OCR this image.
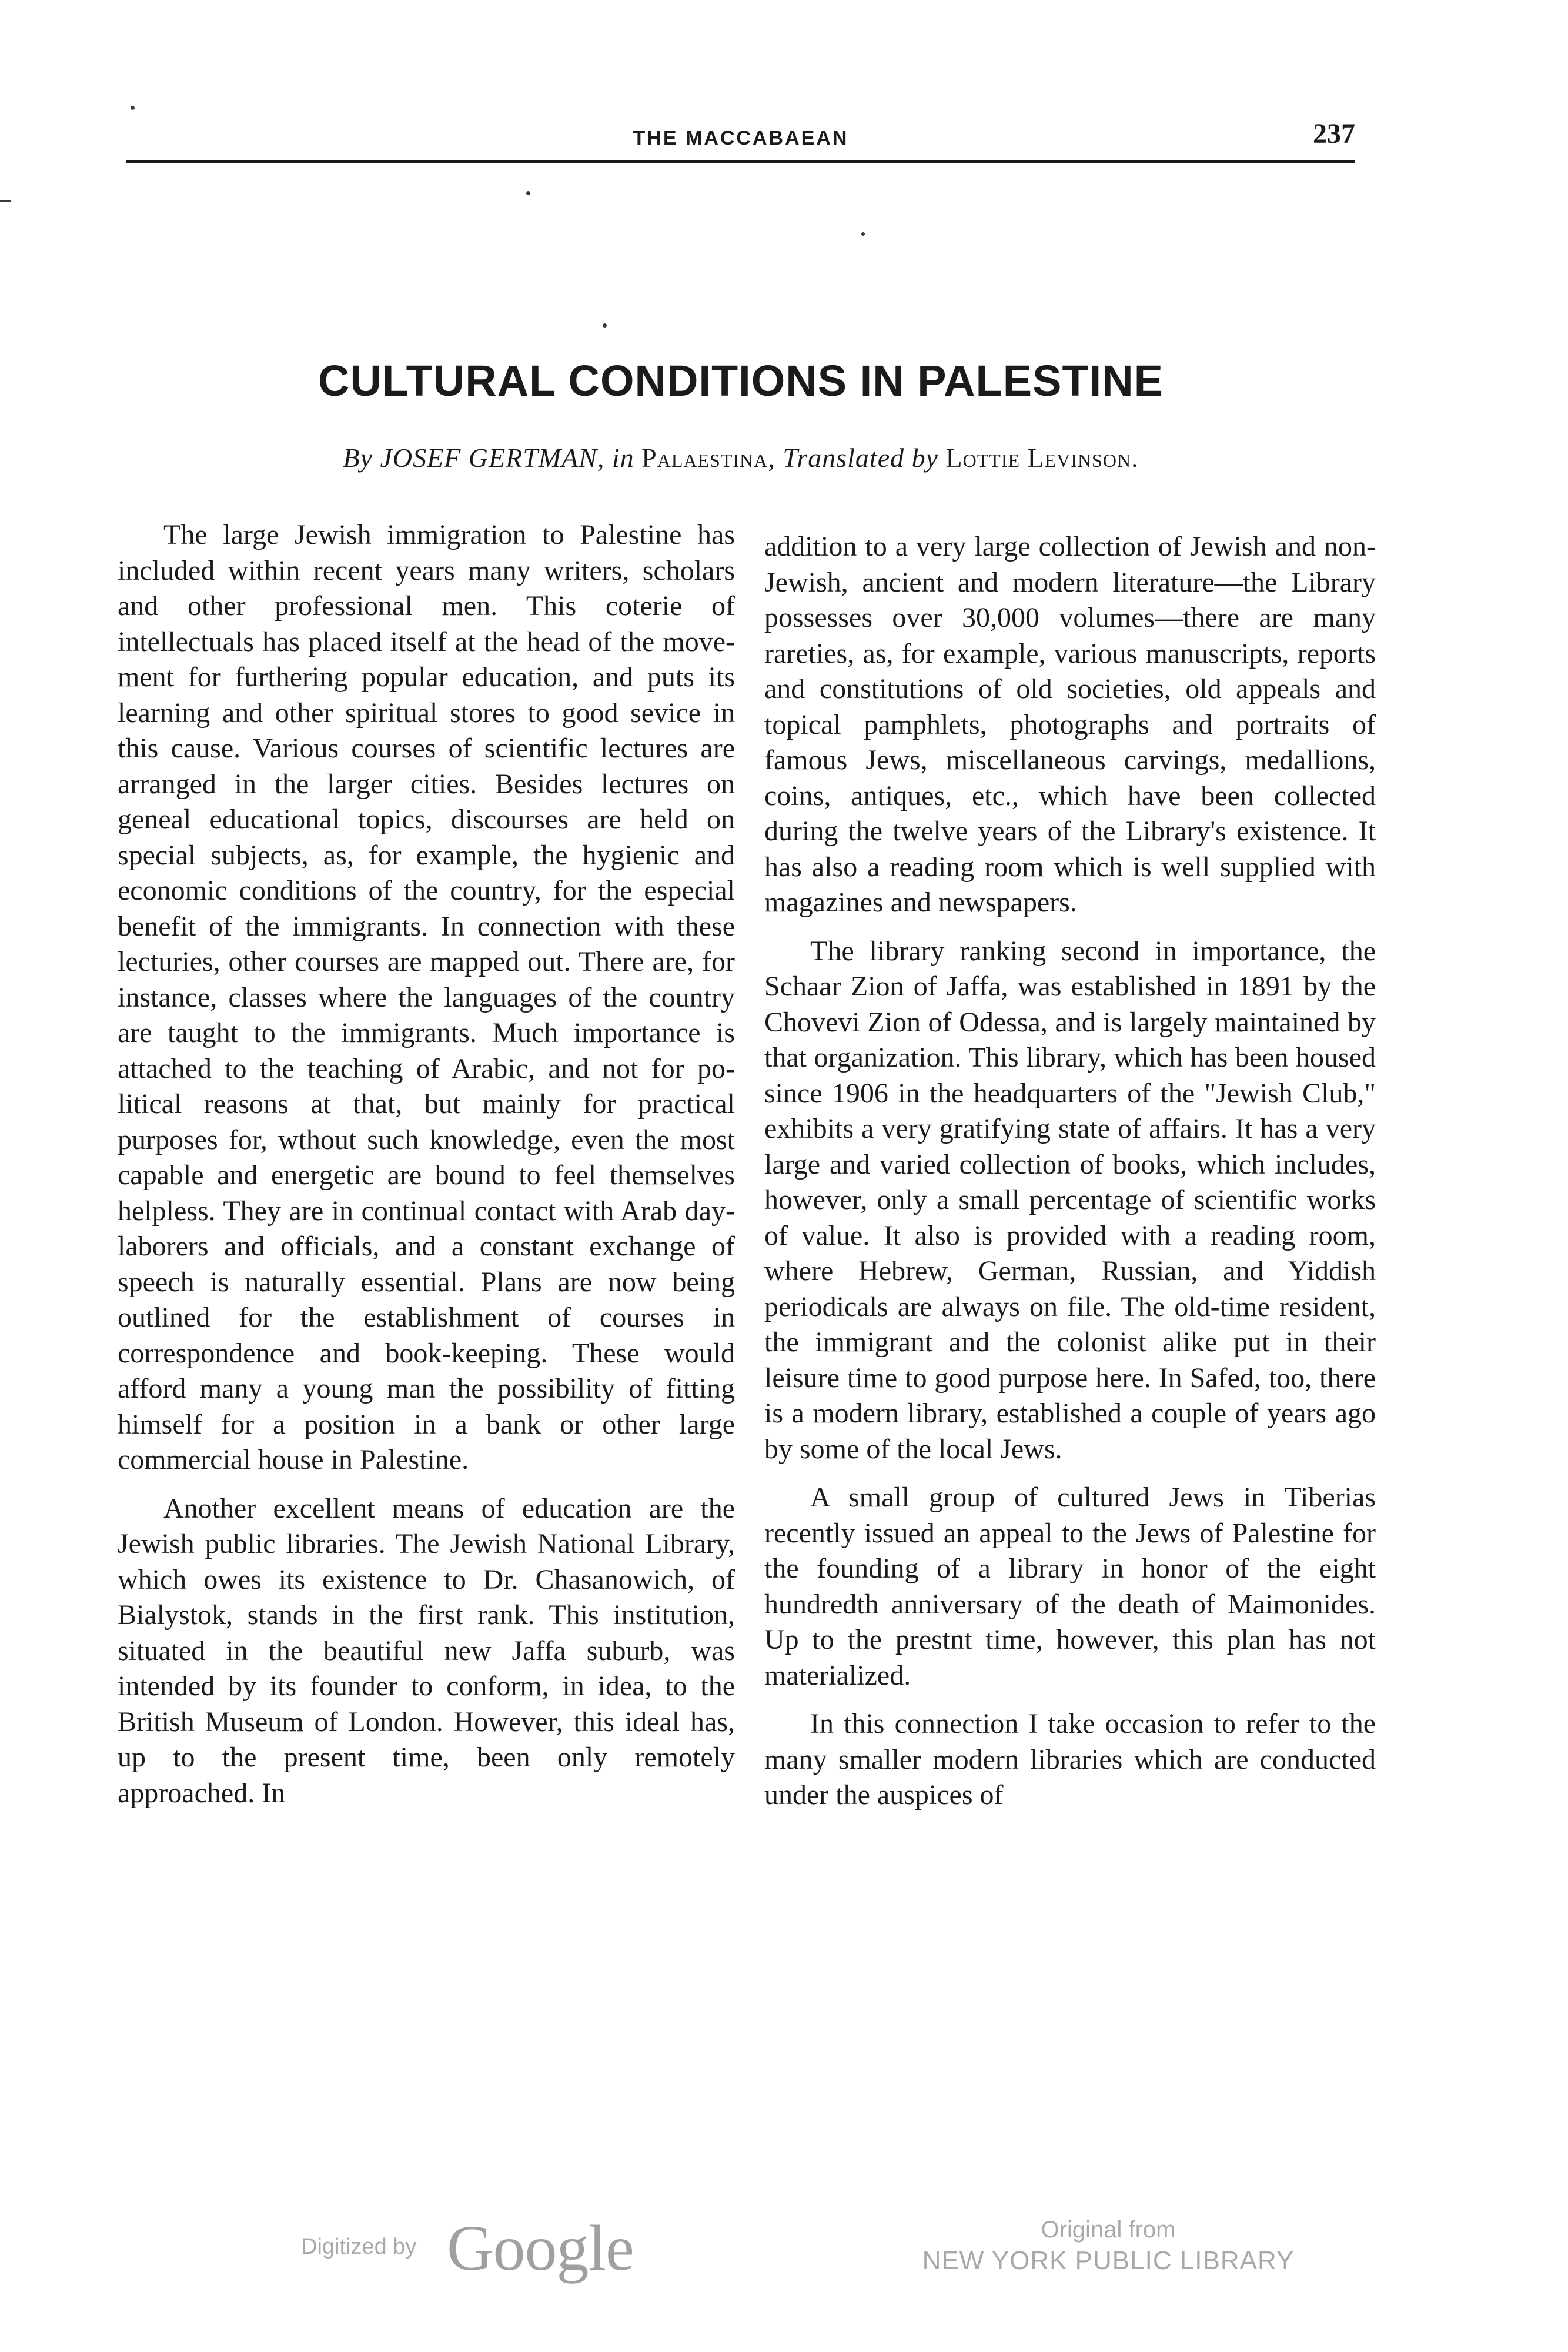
THE MACCABAEAN	237
CULTURAL CONDITIONS IN PALESTINE
By JOSEF GERTMAN, in Palaestina, Translated by Lottie Levinson.

The large Jewish immigration to Palestine has included within recent years many writers, scholars and other professional men. This coterie of intellectuals has placed itself at the head of the movement for furthering popular education, and puts its learning and other spiritual stores to good sevice in this cause. Various courses of scientific lectures are arranged in the larger cities. Besides lectures on geneal educational topics, discourses are held on special subjects, as, for example, the hygienic and economic conditions of the country, for the especial benefit of the immigrants. In connection with these lecturies, other courses are mapped out. There are, for instance, classes where the languages of the country are taught to the immigrants. Much importance is attached to the teaching of Arabic, and not for political reasons at that, but mainly for practical purposes for, wthout such knowledge, even the most capable and energetic are bound to feel themselves helpless. They are in continual contact with Arab day-laborers and officials, and a constant exchange of speech is naturally essential. Plans are now being outlined for the establishment of courses in correspondence and book-keeping. These would afford many a young man the possibility of fitting himself for a position in a bank or other large commercial house in Palestine.

Another excellent means of education are the Jewish public libraries. The Jewish National Library, which owes its existence to Dr. Chasanowich, of Bialystok, stands in the first rank. This institution, situated in the beautiful new Jaffa suburb, was intended by its founder to conform, in idea, to the British Museum of London. However, this ideal has, up to the present time, been only remotely approached. In

addition to a very large collection of Jewish and non-Jewish, ancient and modern literature—the Library possesses over 30,000 volumes—there are many rareties, as, for example, various manuscripts, reports and constitutions of old societies, old appeals and topical pamphlets, photographs and portraits of famous Jews, miscellaneous carvings, medallions, coins, antiques, etc., which have been collected during the twelve years of the Library's existence. It has also a reading room which is well supplied with magazines and newspapers.

The library ranking second in importance, the Schaar Zion of Jaffa, was established in 1891 by the Chovevi Zion of Odessa, and is largely maintained by that organization. This library, which has been housed since 1906 in the headquarters of the "Jewish Club," exhibits a very gratifying state of affairs. It has a very large and varied collection of books, which includes, however, only a small percentage of scientific works of value. It also is provided with a reading room, where Hebrew, German, Russian, and Yiddish periodicals are always on file. The old-time resident, the immigrant and the colonist alike put in their leisure time to good purpose here. In Safed, too, there is a modern library, established a couple of years ago by some of the local Jews.

A small group of cultured Jews in Tiberias recently issued an appeal to the Jews of Palestine for the founding of a library in honor of the eight hundredth anniversary of the death of Maimonides. Up to the prestnt time, however, this plan has not materialized.

In this connection I take occasion to refer to the many smaller modern libraries which are conducted under the auspices of

Digitized by Google	Original from
NEW YORK PUBLIC LIBRARY
